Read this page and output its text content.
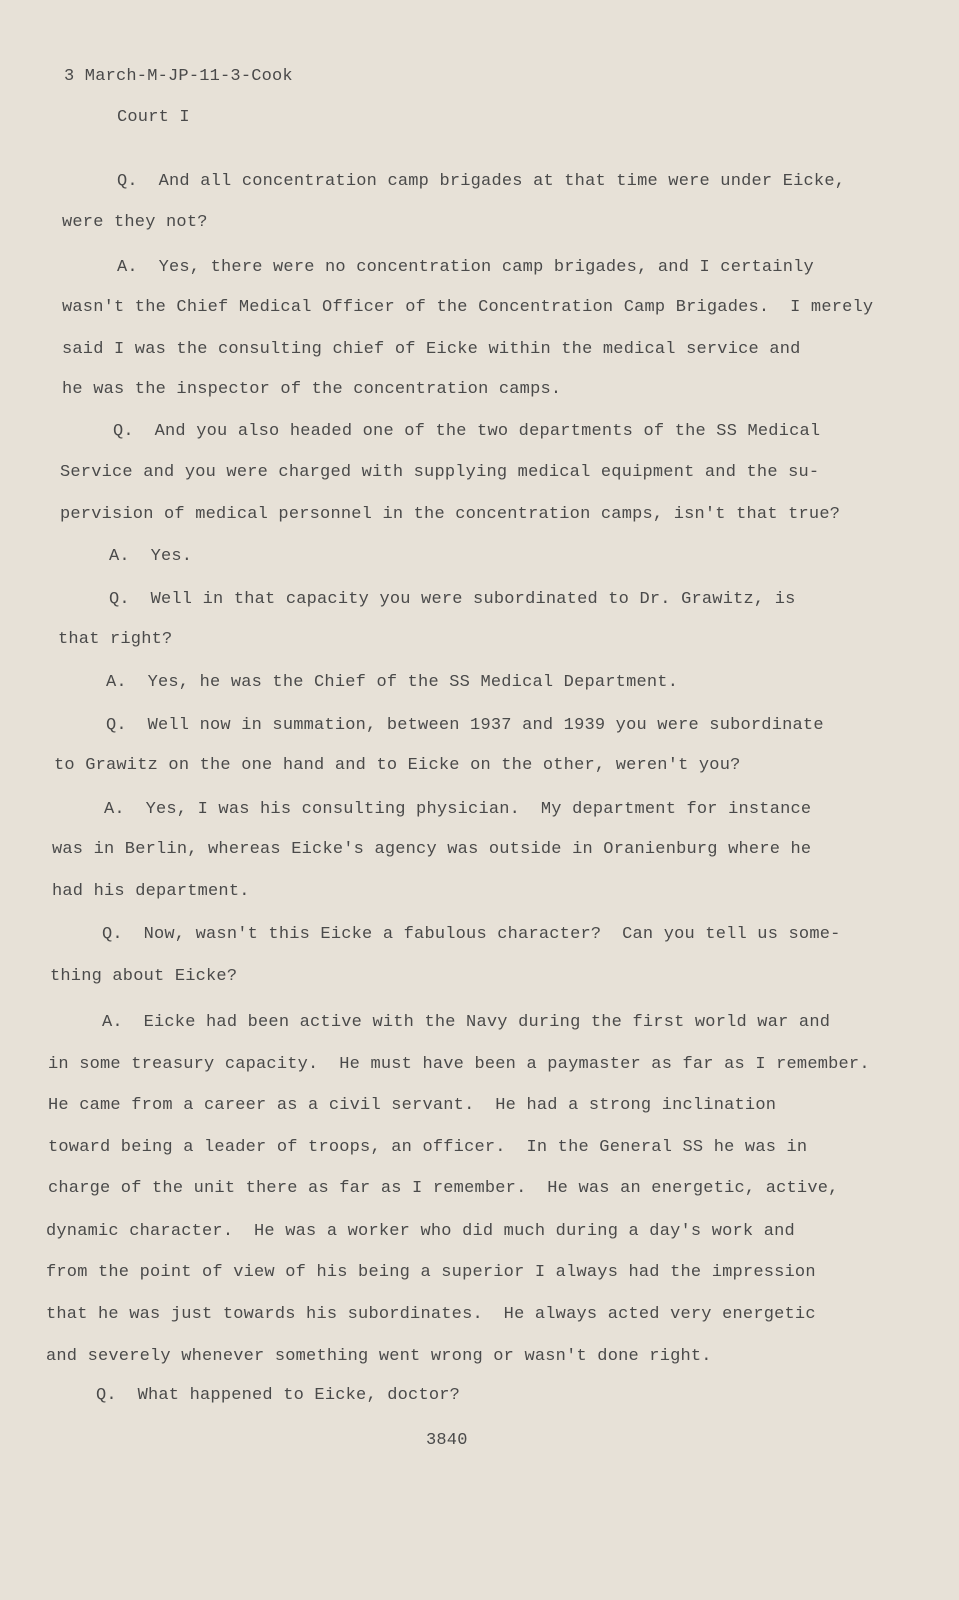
3 March-M-JP-11-3-Cook
Court I
Q.  And all concentration camp brigades at that time were under Eicke,
were they not?
A.  Yes, there were no concentration camp brigades, and I certainly
wasn't the Chief Medical Officer of the Concentration Camp Brigades.  I merely
said I was the consulting chief of Eicke within the medical service and
he was the inspector of the concentration camps.
Q.  And you also headed one of the two departments of the SS Medical
Service and you were charged with supplying medical equipment and the su-
pervision of medical personnel in the concentration camps, isn't that true?
A.  Yes.
Q.  Well in that capacity you were subordinated to Dr. Grawitz, is
that right?
A.  Yes, he was the Chief of the SS Medical Department.
Q.  Well now in summation, between 1937 and 1939 you were subordinate
to Grawitz on the one hand and to Eicke on the other, weren't you?
A.  Yes, I was his consulting physician.  My department for instance
was in Berlin, whereas Eicke's agency was outside in Oranienburg where he
had his department.
Q.  Now, wasn't this Eicke a fabulous character?  Can you tell us some-
thing about Eicke?
A.  Eicke had been active with the Navy during the first world war and
in some treasury capacity.  He must have been a paymaster as far as I remember.
He came from a career as a civil servant.  He had a strong inclination
toward being a leader of troops, an officer.  In the General SS he was in
charge of the unit there as far as I remember.  He was an energetic, active,
dynamic character.  He was a worker who did much during a day's work and
from the point of view of his being a superior I always had the impression
that he was just towards his subordinates.  He always acted very energetic
and severely whenever something went wrong or wasn't done right.
Q.  What happened to Eicke, doctor?
3840
